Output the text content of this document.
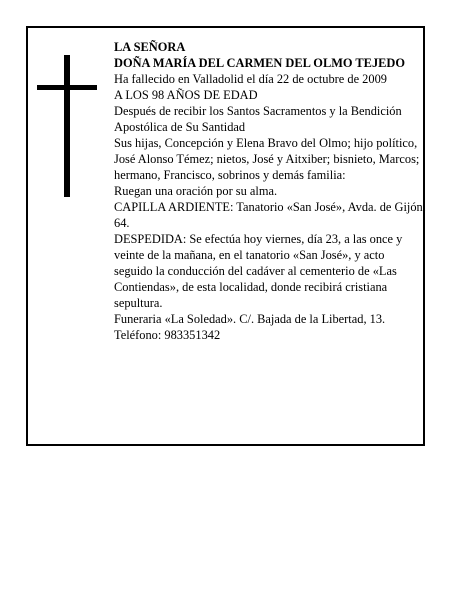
LA SEÑORA

DOÑA MARÍA DEL CARMEN DEL OLMO TEJEDO

Ha fallecido en Valladolid el día 22 de octubre de 2009

A LOS 98 AÑOS DE EDAD

Después de recibir los Santos Sacramentos y la Bendición Apostólica de Su Santidad

Sus hijas, Concepción y Elena Bravo del Olmo; hijo político, José Alonso Témez; nietos, José y Aitxiber; bisnieto, Marcos; hermano, Francisco, sobrinos y demás familia:

Ruegan una oración por su alma.

CAPILLA ARDIENTE: Tanatorio «San José», Avda. de Gijón, 64.

DESPEDIDA: Se efectúa hoy viernes, día 23, a las once y veinte de la mañana, en el tanatorio «San José», y acto seguido la conducción del cadáver al cementerio de «Las Contiendas», de esta localidad, donde recibirá cristiana sepultura.

Funeraria «La Soledad». C/. Bajada de la Libertad, 13.

Teléfono: 983351342
